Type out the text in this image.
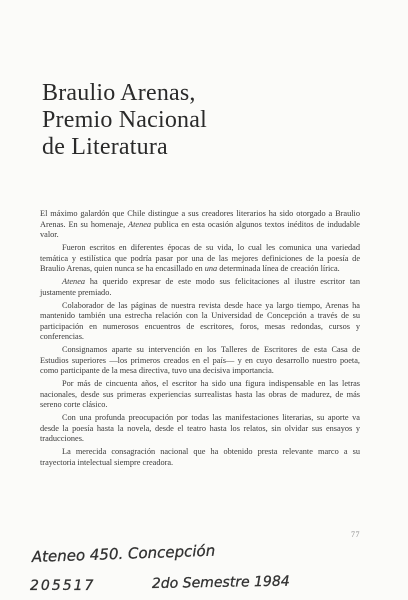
Braulio Arenas,
Premio Nacional
de Literatura

El máximo galardón que Chile distingue a sus creadores literarios ha sido otorgado a Braulio Arenas. En su homenaje, Atenea publica en esta ocasión algunos textos inéditos de indudable valor.

Fueron escritos en diferentes épocas de su vida, lo cual les comunica una variedad temática y estilística que podría pasar por una de las mejores definiciones de la poesía de Braulio Arenas, quien nunca se ha encasillado en una determinada línea de creación lírica.

Atenea ha querido expresar de este modo sus felicitaciones al ilustre escritor tan justamente premiado.

Colaborador de las páginas de nuestra revista desde hace ya largo tiempo, Arenas ha mantenido también una estrecha relación con la Universidad de Concepción a través de su participación en numerosos encuentros de escritores, foros, mesas redondas, cursos y conferencias.

Consignamos aparte su intervención en los Talleres de Escritores de esta Casa de Estudios superiores —los primeros creados en el país— y en cuyo desarrollo nuestro poeta, como participante de la mesa directiva, tuvo una decisiva importancia.

Por más de cincuenta años, el escritor ha sido una figura indispensable en las letras nacionales, desde sus primeras experiencias surrealistas hasta las obras de madurez, de más sereno corte clásico.

Con una profunda preocupación por todas las manifestaciones literarias, su aporte va desde la poesía hasta la novela, desde el teatro hasta los relatos, sin olvidar sus ensayos y traducciones.

La merecida consagración nacional que ha obtenido presta relevante marco a su trayectoria intelectual siempre creadora.

77
Ateneo 450. Concepción
205517	2do Semestre 1984
